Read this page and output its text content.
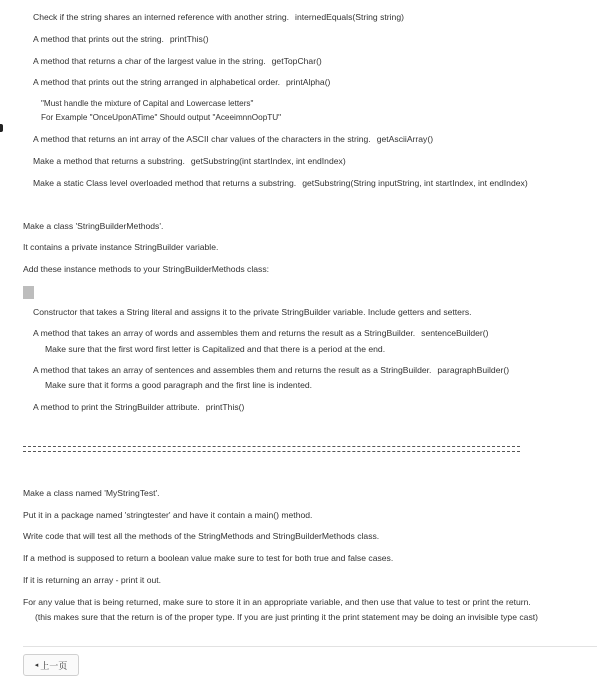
Check if the string shares an interned reference with another string. internedEquals(String string)
A method that prints out the string. printThis()
A method that returns a char of the largest value in the string. getTopChar()
A method that prints out the string arranged in alphabetical order. printAlpha()
"Must handle the mixture of Capital and Lowercase letters"
For Example "OnceUponATime" Should output "AceeimnnOopTU"
A method that returns an int array of the ASCII char values of the characters in the string. getAsciiArray()
Make a method that returns a substring. getSubstring(int startIndex, int endIndex)
Make a static Class level overloaded method that returns a substring. getSubstring(String inputString, int startIndex, int endIndex)
Make a class 'StringBuilderMethods'.
It contains a private instance StringBuilder variable.
Add these instance methods to your StringBuilderMethods class:
Constructor that takes a String literal and assigns it to the private StringBuilder variable. Include getters and setters.
A method that takes an array of words and assembles them and returns the result as a StringBuilder. sentenceBuilder()
Make sure that the first word first letter is Capitalized and that there is a period at the end.
A method that takes an array of sentences and assembles them and returns the result as a StringBuilder. paragraphBuilder()
Make sure that it forms a good paragraph and the first line is indented.
A method to print the StringBuilder attribute. printThis()
Make a class named 'MyStringTest'.
Put it in a package named 'stringtester' and have it contain a main() method.
Write code that will test all the methods of the StringMethods and StringBuilderMethods class.
If a method is supposed to return a boolean value make sure to test for both true and false cases.
If it is returning an array - print it out.
For any value that is being returned, make sure to store it in an appropriate variable, and then use that value to test or print the return.
(this makes sure that the return is of the proper type. If you are just printing it the print statement may be doing an invisible type cast)
◂ 上一页
